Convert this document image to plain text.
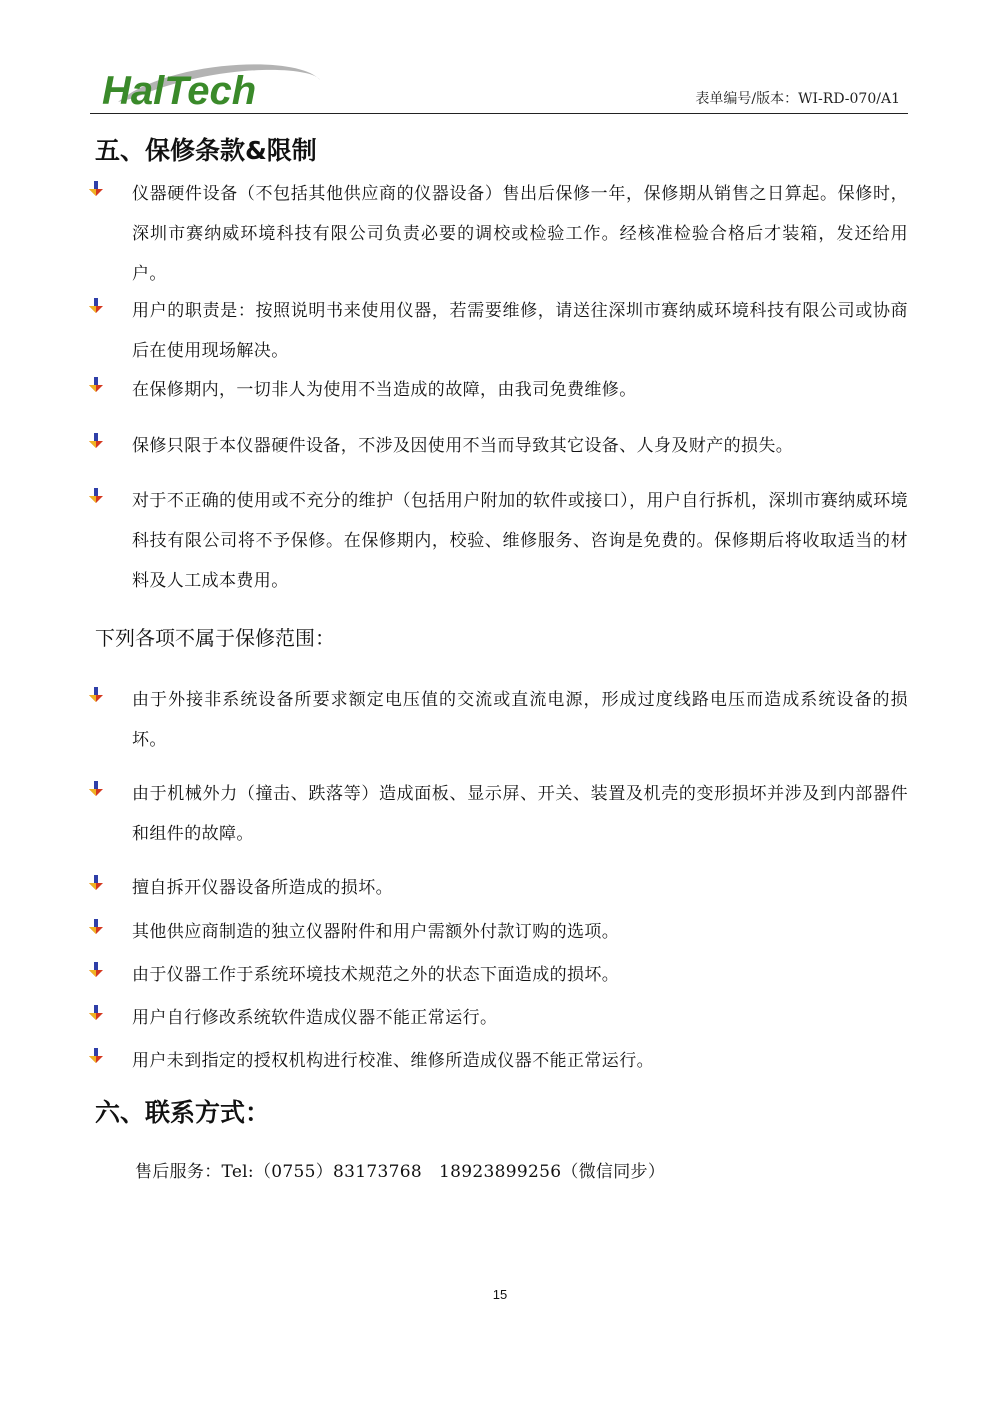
HalTech	表单编号/版本：WI-RD-070/A1
五、保修条款&限制
仪器硬件设备（不包括其他供应商的仪器设备）售出后保修一年，保修期从销售之日算起。保修时，深圳市赛纳威环境科技有限公司负责必要的调校或检验工作。经核准检验合格后才装箱，发还给用户。
用户的职责是：按照说明书来使用仪器，若需要维修，请送往深圳市赛纳威环境科技有限公司或协商后在使用现场解决。
在保修期内，一切非人为使用不当造成的故障，由我司免费维修。
保修只限于本仪器硬件设备，不涉及因使用不当而导致其它设备、人身及财产的损失。
对于不正确的使用或不充分的维护（包括用户附加的软件或接口），用户自行拆机，深圳市赛纳威环境科技有限公司将不予保修。在保修期内，校验、维修服务、咨询是免费的。保修期后将收取适当的材料及人工成本费用。

下列各项不属于保修范围：

由于外接非系统设备所要求额定电压值的交流或直流电源，形成过度线路电压而造成系统设备的损坏。
由于机械外力（撞击、跌落等）造成面板、显示屏、开关、装置及机壳的变形损坏并涉及到内部器件和组件的故障。
擅自拆开仪器设备所造成的损坏。
其他供应商制造的独立仪器附件和用户需额外付款订购的选项。
由于仪器工作于系统环境技术规范之外的状态下面造成的损坏。
用户自行修改系统软件造成仪器不能正常运行。
用户未到指定的授权机构进行校准、维修所造成仪器不能正常运行。
六、联系方式：
售后服务：Tel:（0755）83173768   18923899256（微信同步）
15
